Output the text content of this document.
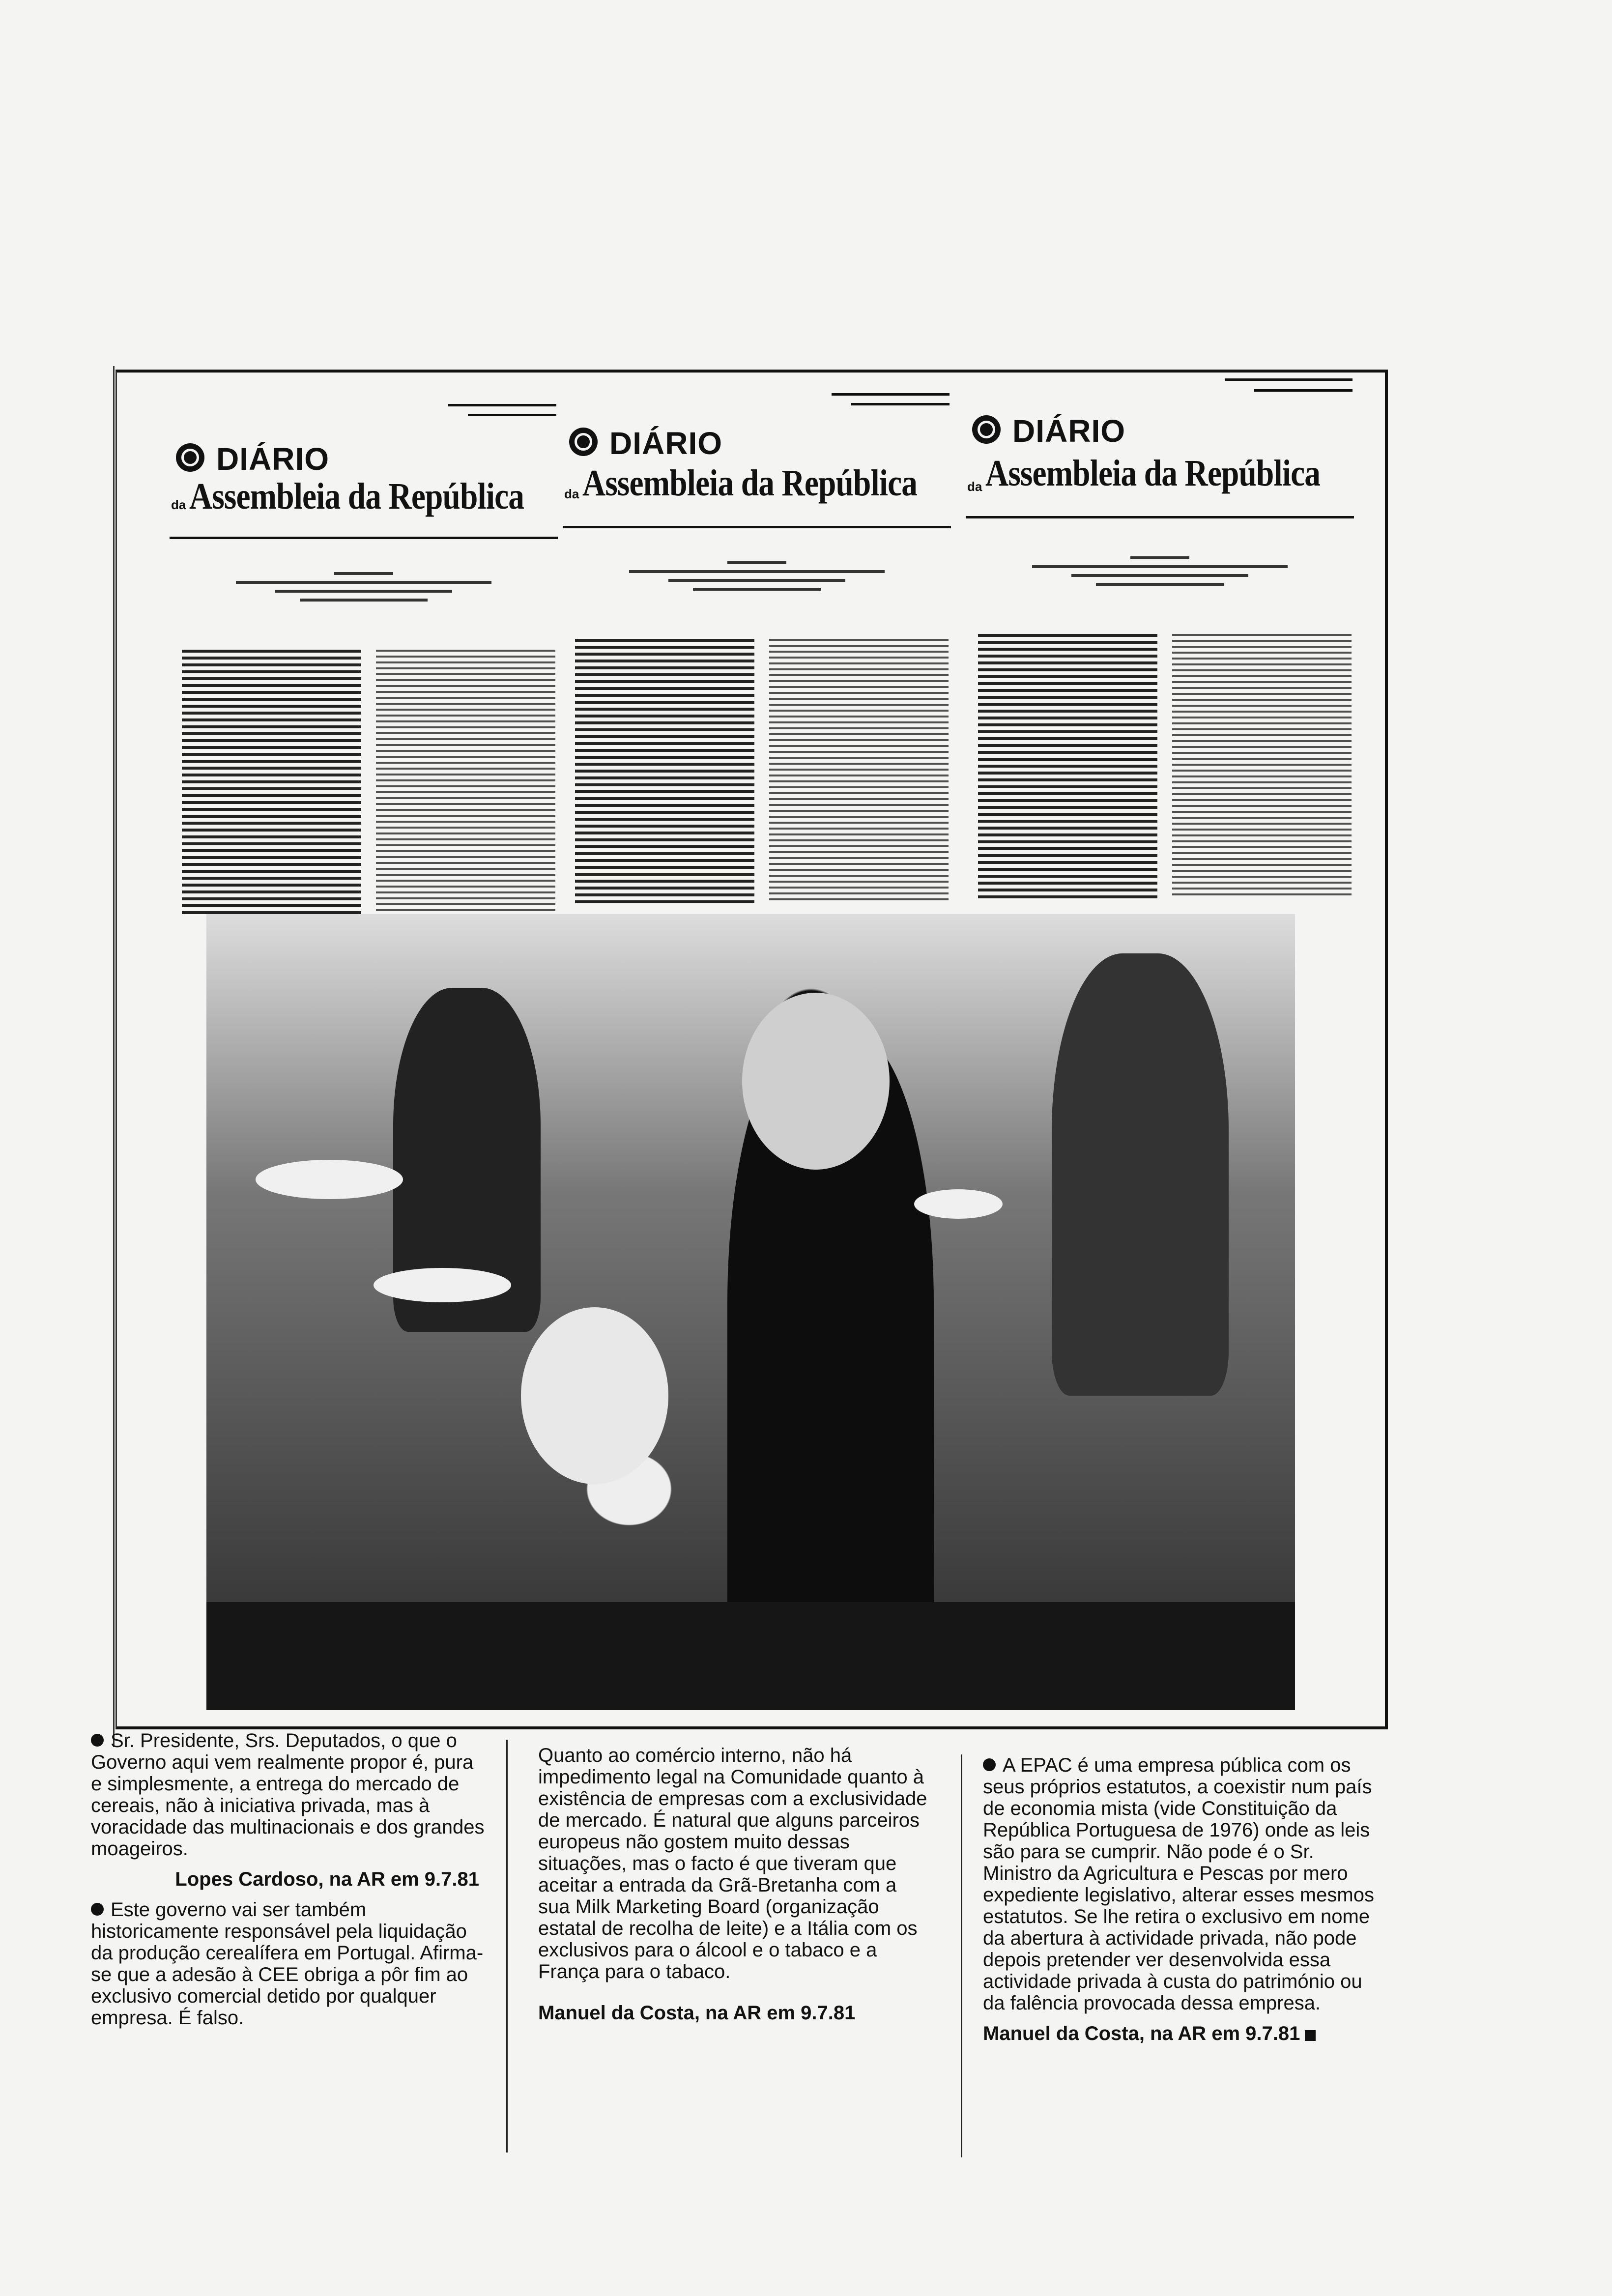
DIÁRIO
da Assembleia da República
DIÁRIO
da Assembleia da República
DIÁRIO
da Assembleia da República

Sr. Presidente, Srs. Deputados, o que o Governo aqui vem realmente propor é, pura e simplesmente, a entrega do mercado de cereais, não à iniciativa privada, mas à voracidade das multinacionais e dos grandes moageiros.

Lopes Cardoso, na AR em 9.7.81

Este governo vai ser também historicamente responsável pela liquidação da produção cerealífera em Portugal. Afirma-se que a adesão à CEE obriga a pôr fim ao exclusivo comercial detido por qualquer empresa. É falso.

Quanto ao comércio interno, não há impedimento legal na Comunidade quanto à existência de empresas com a exclusividade de mercado. É natural que alguns parceiros europeus não gostem muito dessas situações, mas o facto é que tiveram que aceitar a entrada da Grã-Bretanha com a sua Milk Marketing Board (organização estatal de recolha de leite) e a Itália com os exclusivos para o álcool e o tabaco e a França para o tabaco.

Manuel da Costa, na AR em 9.7.81

A EPAC é uma empresa pública com os seus próprios estatutos, a coexistir num país de economia mista (vide Constituição da República Portuguesa de 1976) onde as leis são para se cumprir. Não pode é o Sr. Ministro da Agricultura e Pescas por mero expediente legislativo, alterar esses mesmos estatutos. Se lhe retira o exclusivo em nome da abertura à actividade privada, não pode depois pretender ver desenvolvida essa actividade privada à custa do património ou da falência provocada dessa empresa.

Manuel da Costa, na AR em 9.7.81
